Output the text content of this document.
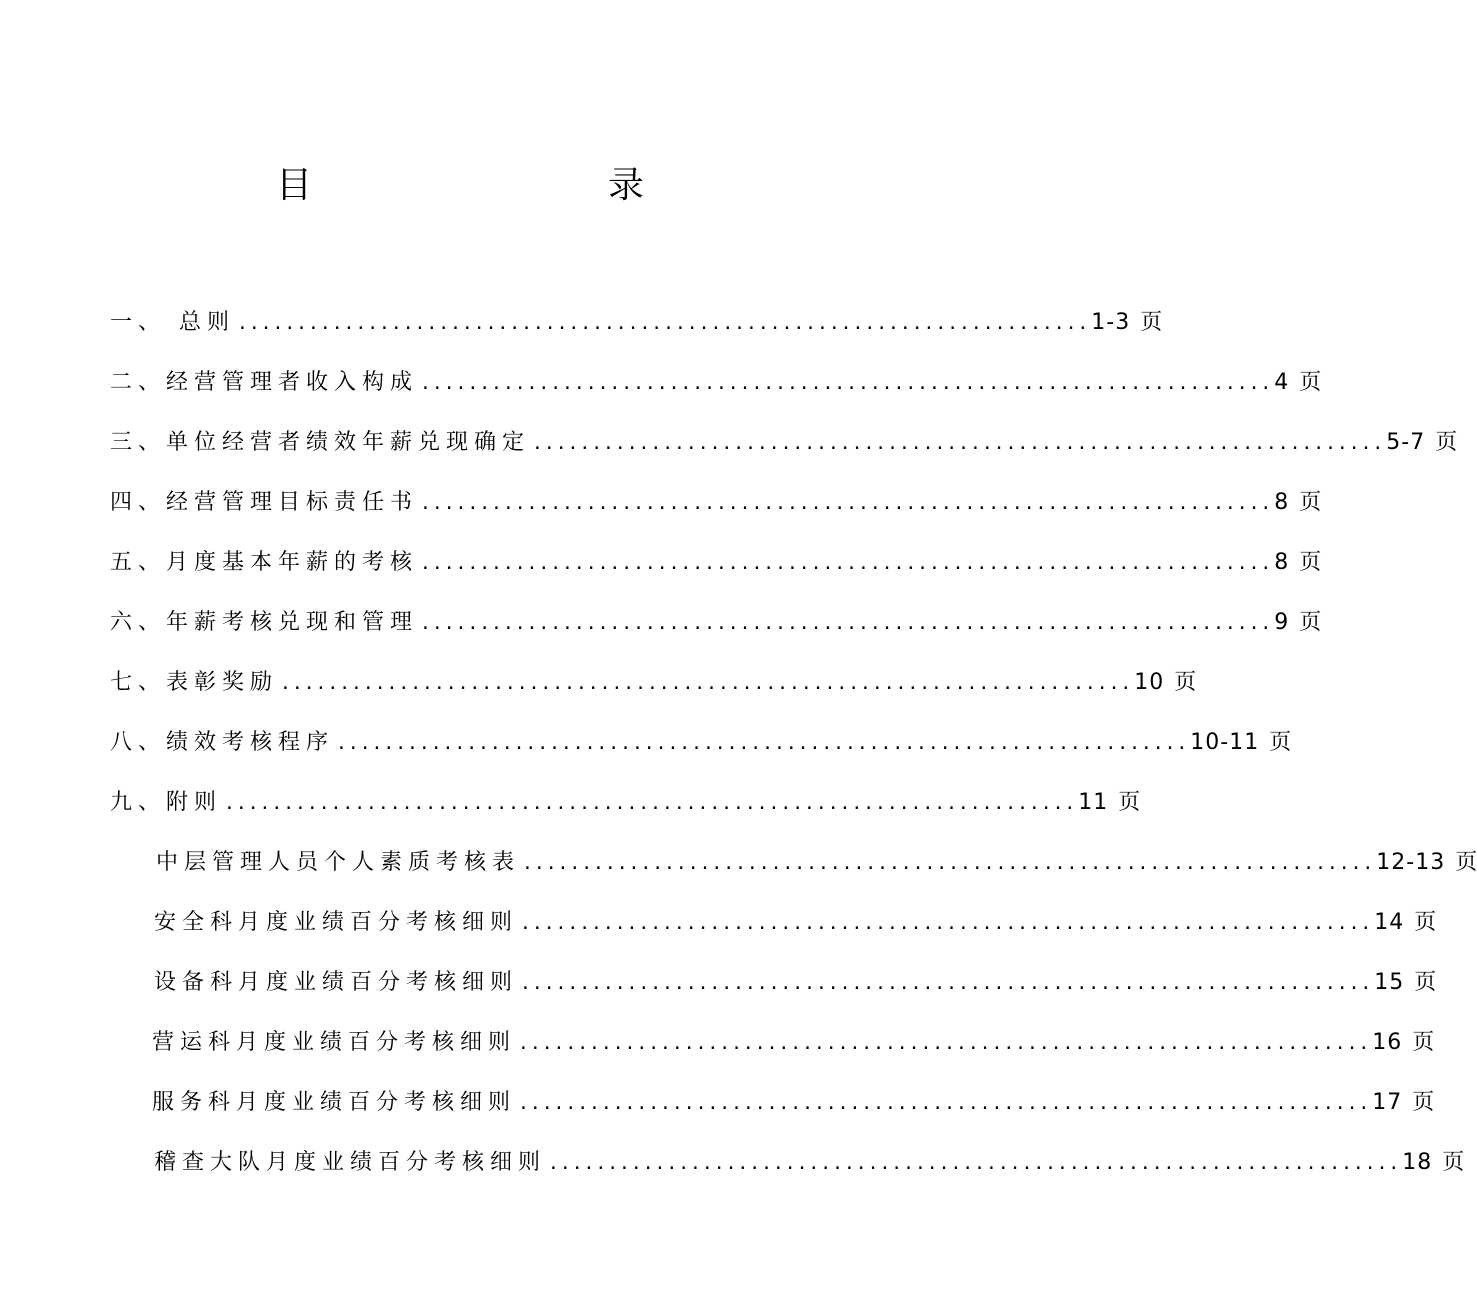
目	录
一、 总则 ........................................................................ 1-3 页
二、经营管理者收入构成 ........................................................................ 4 页
三、单位经营者绩效年薪兑现确定 ........................................................................ 5-7 页
四、经营管理目标责任书 ........................................................................ 8 页
五、月度基本年薪的考核 ........................................................................ 8 页
六、年薪考核兑现和管理 ........................................................................ 9 页
七、表彰奖励 ........................................................................ 10 页
八、绩效考核程序 ........................................................................ 10-11 页
九、附则 ........................................................................ 11 页
中层管理人员个人素质考核表 ........................................................................ 12-13 页
安全科月度业绩百分考核细则 ........................................................................ 14 页
设备科月度业绩百分考核细则 ........................................................................ 15 页
营运科月度业绩百分考核细则 ........................................................................ 16 页
服务科月度业绩百分考核细则 ........................................................................ 17 页
稽查大队月度业绩百分考核细则 ........................................................................ 18 页
